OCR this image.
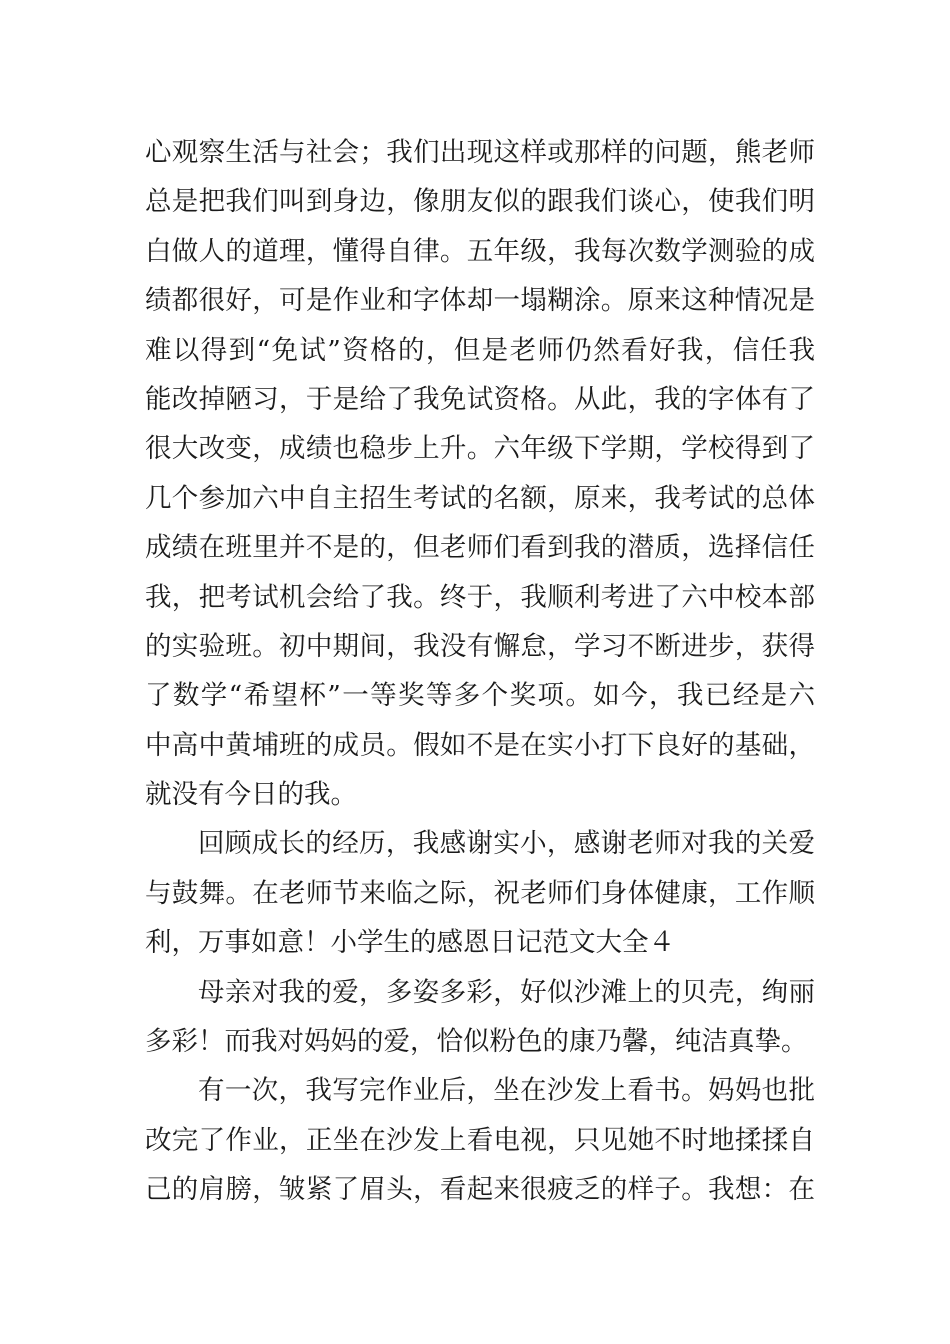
心观察生活与社会；我们出现这样或那样的问题，熊老师
总是把我们叫到身边，像朋友似的跟我们谈心，使我们明
白做人的道理，懂得自律。五年级，我每次数学测验的成
绩都很好，可是作业和字体却一塌糊涂。原来这种情况是
难以得到“免试”资格的，但是老师仍然看好我，信任我
能改掉陋习，于是给了我免试资格。从此，我的字体有了
很大改变，成绩也稳步上升。六年级下学期，学校得到了
几个参加六中自主招生考试的名额，原来，我考试的总体
成绩在班里并不是的，但老师们看到我的潜质，选择信任
我，把考试机会给了我。终于，我顺利考进了六中校本部
的实验班。初中期间，我没有懈怠，学习不断进步，获得
了数学“希望杯”一等奖等多个奖项。如今，我已经是六
中高中黄埔班的成员。假如不是在实小打下良好的基础，
就没有今日的我。
回顾成长的经历，我感谢实小，感谢老师对我的关爱
与鼓舞。在老师节来临之际，祝老师们身体健康，工作顺
利，万事如意！小学生的感恩日记范文大全４
母亲对我的爱，多姿多彩，好似沙滩上的贝壳，绚丽
多彩！而我对妈妈的爱，恰似粉色的康乃馨，纯洁真挚。
有一次，我写完作业后，坐在沙发上看书。妈妈也批
改完了作业，正坐在沙发上看电视，只见她不时地揉揉自
己的肩膀，皱紧了眉头，看起来很疲乏的样子。我想：在
